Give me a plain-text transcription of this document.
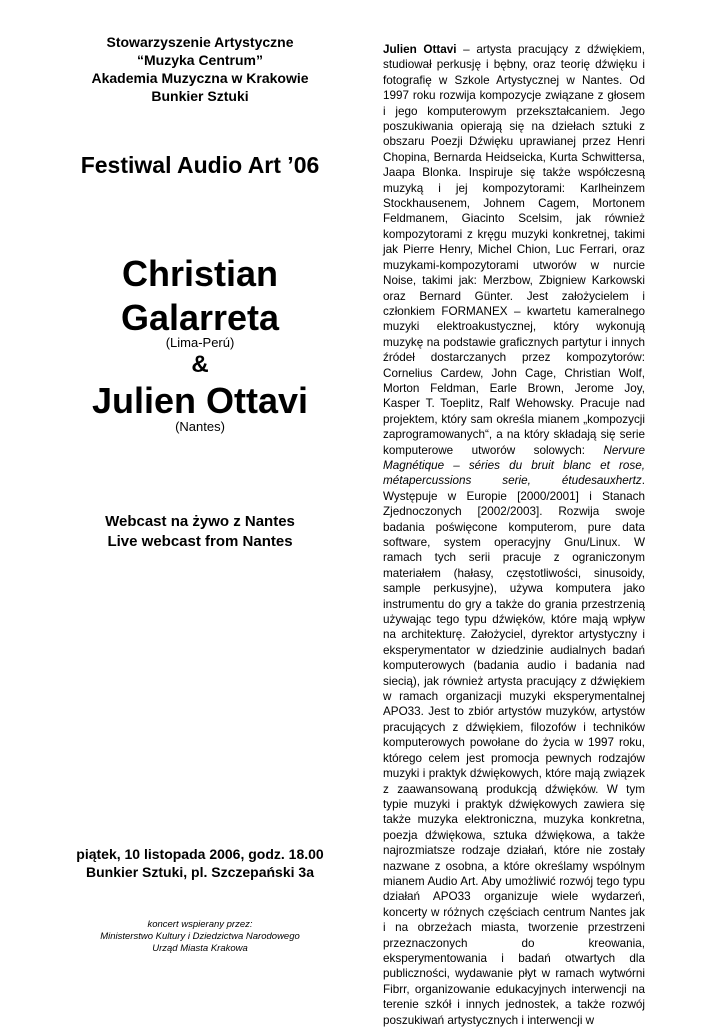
Stowarzyszenie Artystyczne
“Muzyka Centrum”
Akademia Muzyczna w Krakowie
Bunkier Sztuki
Festiwal Audio Art ’06
Christian
Galarreta
(Lima-Perú)
&
Julien Ottavi
(Nantes)
Webcast na żywo z Nantes
Live webcast from Nantes
piątek, 10 listopada 2006, godz. 18.00
Bunkier Sztuki, pl. Szczepański 3a
koncert wspierany przez:
Ministerstwo Kultury i Dziedzictwa Narodowego
Urząd Miasta Krakowa

Julien Ottavi – artysta pracujący z dźwiękiem, studiował perkusję i bębny, oraz teorię dźwięku i fotografię w Szkole Artystycznej w Nantes. Od 1997 roku rozwija kompozycje związane z głosem i jego komputerowym przekształcaniem. Jego poszukiwania opierają się na dziełach sztuki z obszaru Poezji Dźwięku uprawianej przez Henri Chopina, Bernarda Heidseicka, Kurta Schwittersa, Jaapa Blonka. Inspiruje się także współczesną muzyką i jej kompozytorami: Karlheinzem Stockhausenem, Johnem Cagem, Mortonem Feldmanem, Giacinto Scelsim, jak również kompozytorami z kręgu muzyki konkretnej, takimi jak Pierre Henry, Michel Chion, Luc Ferrari, oraz muzykami-kompozytorami utworów w nurcie Noise, takimi jak: Merzbow, Zbigniew Karkowski oraz Bernard Günter. Jest założycielem i członkiem FORMANEX – kwartetu kameralnego muzyki elektroakustycznej, który wykonują muzykę na podstawie graficznych partytur i innych źródeł dostarczanych przez kompozytorów: Cornelius Cardew, John Cage, Christian Wolf, Morton Feldman, Earle Brown, Jerome Joy, Kasper T. Toeplitz, Ralf Wehowsky. Pracuje nad projektem, który sam określa mianem „kompozycji zaprogramowanych“, a na który składają się serie komputerowe utworów solowych: Nervure Magnétique – séries du bruit blanc et rose, métapercussions serie, étudesauxhertz. Występuje w Europie [2000/2001] i Stanach Zjednoczonych [2002/2003]. Rozwija swoje badania poświęcone komputerom, pure data software, system operacyjny Gnu/Linux. W ramach tych serii pracuje z ograniczonym materiałem (hałasy, częstotliwości, sinusoidy, sample perkusyjne), używa komputera jako instrumentu do gry a także do grania przestrzenią używając tego typu dźwięków, które mają wpływ na architekturę. Założyciel, dyrektor artystyczny i eksperymentator w dziedzinie audialnych badań komputerowych (badania audio i badania nad siecią), jak również artysta pracujący z dźwiękiem w ramach organizacji muzyki eksperymentalnej APO33. Jest to zbiór artystów muzyków, artystów pracujących z dźwiękiem, filozofów i techników komputerowych powołane do życia w 1997 roku, którego celem jest promocja pewnych rodzajów muzyki i praktyk dźwiękowych, które mają związek z zaawansowaną produkcją dźwięków. W tym typie muzyki i praktyk dźwiękowych zawiera się także muzyka elektroniczna, muzyka konkretna, poezja dźwiękowa, sztuka dźwiękowa, a także najrozmiatsze rodzaje działań, które nie zostały nazwane z osobna, a które określamy wspólnym mianem Audio Art. Aby umożliwić rozwój tego typu działań APO33 organizuje wiele wydarzeń, koncerty w różnych częściach centrum Nantes jak i na obrzeżach miasta, tworzenie przestrzeni przeznaczonych do kreowania, eksperymentowania i badań otwartych dla publiczności, wydawanie płyt w ramach wytwórni Fibrr, organizowanie edukacyjnych interwencji na terenie szkół i innych jednostek, a także rozwój poszukiwań artystycznych i interwencji w
